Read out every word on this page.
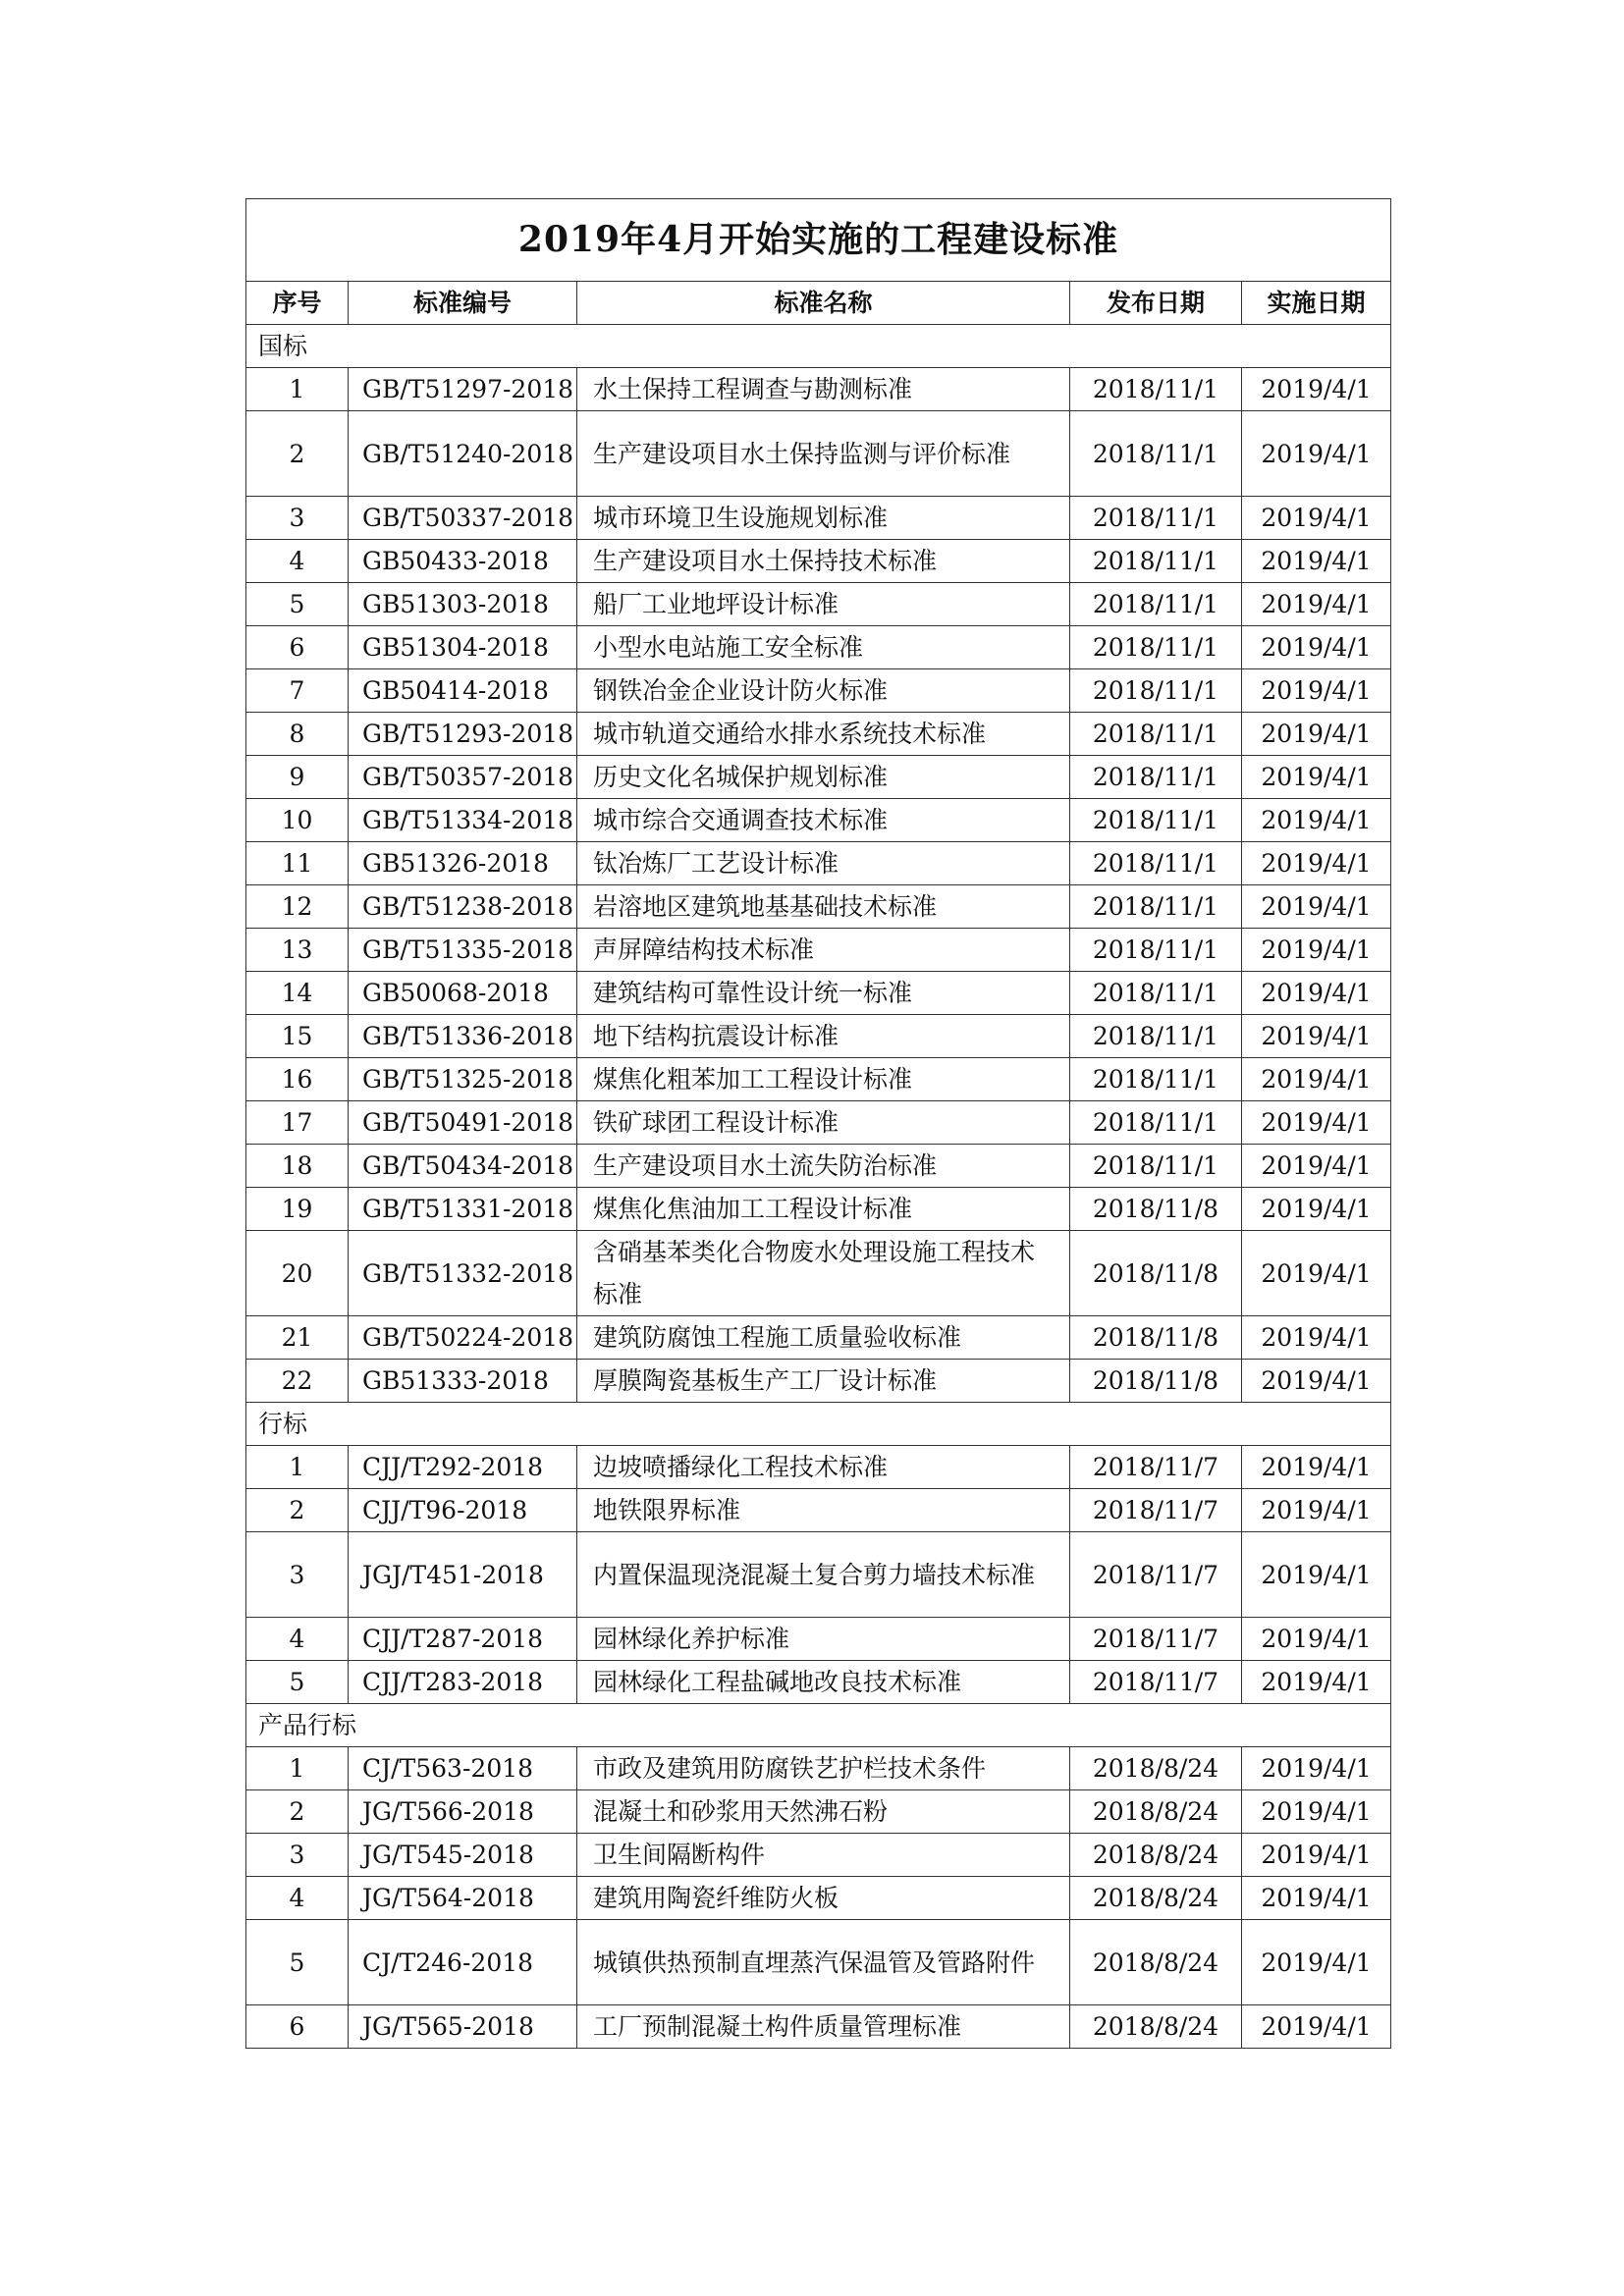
2019年4月开始实施的工程建设标准				
序号	标准编号	标准名称	发布日期	实施日期
国标				
1	GB/T51297-2018	水土保持工程调查与勘测标准	2018/11/1	2019/4/1
2	GB/T51240-2018	生产建设项目水土保持监测与评价标准	2018/11/1	2019/4/1
3	GB/T50337-2018	城市环境卫生设施规划标准	2018/11/1	2019/4/1
4	GB50433-2018	生产建设项目水土保持技术标准	2018/11/1	2019/4/1
5	GB51303-2018	船厂工业地坪设计标准	2018/11/1	2019/4/1
6	GB51304-2018	小型水电站施工安全标准	2018/11/1	2019/4/1
7	GB50414-2018	钢铁冶金企业设计防火标准	2018/11/1	2019/4/1
8	GB/T51293-2018	城市轨道交通给水排水系统技术标准	2018/11/1	2019/4/1
9	GB/T50357-2018	历史文化名城保护规划标准	2018/11/1	2019/4/1
10	GB/T51334-2018	城市综合交通调查技术标准	2018/11/1	2019/4/1
11	GB51326-2018	钛冶炼厂工艺设计标准	2018/11/1	2019/4/1
12	GB/T51238-2018	岩溶地区建筑地基基础技术标准	2018/11/1	2019/4/1
13	GB/T51335-2018	声屏障结构技术标准	2018/11/1	2019/4/1
14	GB50068-2018	建筑结构可靠性设计统一标准	2018/11/1	2019/4/1
15	GB/T51336-2018	地下结构抗震设计标准	2018/11/1	2019/4/1
16	GB/T51325-2018	煤焦化粗苯加工工程设计标准	2018/11/1	2019/4/1
17	GB/T50491-2018	铁矿球团工程设计标准	2018/11/1	2019/4/1
18	GB/T50434-2018	生产建设项目水土流失防治标准	2018/11/1	2019/4/1
19	GB/T51331-2018	煤焦化焦油加工工程设计标准	2018/11/8	2019/4/1
20	GB/T51332-2018	含硝基苯类化合物废水处理设施工程技术标准	2018/11/8	2019/4/1
21	GB/T50224-2018	建筑防腐蚀工程施工质量验收标准	2018/11/8	2019/4/1
22	GB51333-2018	厚膜陶瓷基板生产工厂设计标准	2018/11/8	2019/4/1
行标				
1	CJJ/T292-2018	边坡喷播绿化工程技术标准	2018/11/7	2019/4/1
2	CJJ/T96-2018	地铁限界标准	2018/11/7	2019/4/1
3	JGJ/T451-2018	内置保温现浇混凝土复合剪力墙技术标准	2018/11/7	2019/4/1
4	CJJ/T287-2018	园林绿化养护标准	2018/11/7	2019/4/1
5	CJJ/T283-2018	园林绿化工程盐碱地改良技术标准	2018/11/7	2019/4/1
产品行标				
1	CJ/T563-2018	市政及建筑用防腐铁艺护栏技术条件	2018/8/24	2019/4/1
2	JG/T566-2018	混凝土和砂浆用天然沸石粉	2018/8/24	2019/4/1
3	JG/T545-2018	卫生间隔断构件	2018/8/24	2019/4/1
4	JG/T564-2018	建筑用陶瓷纤维防火板	2018/8/24	2019/4/1
5	CJ/T246-2018	城镇供热预制直埋蒸汽保温管及管路附件	2018/8/24	2019/4/1
6	JG/T565-2018	工厂预制混凝土构件质量管理标准	2018/8/24	2019/4/1
